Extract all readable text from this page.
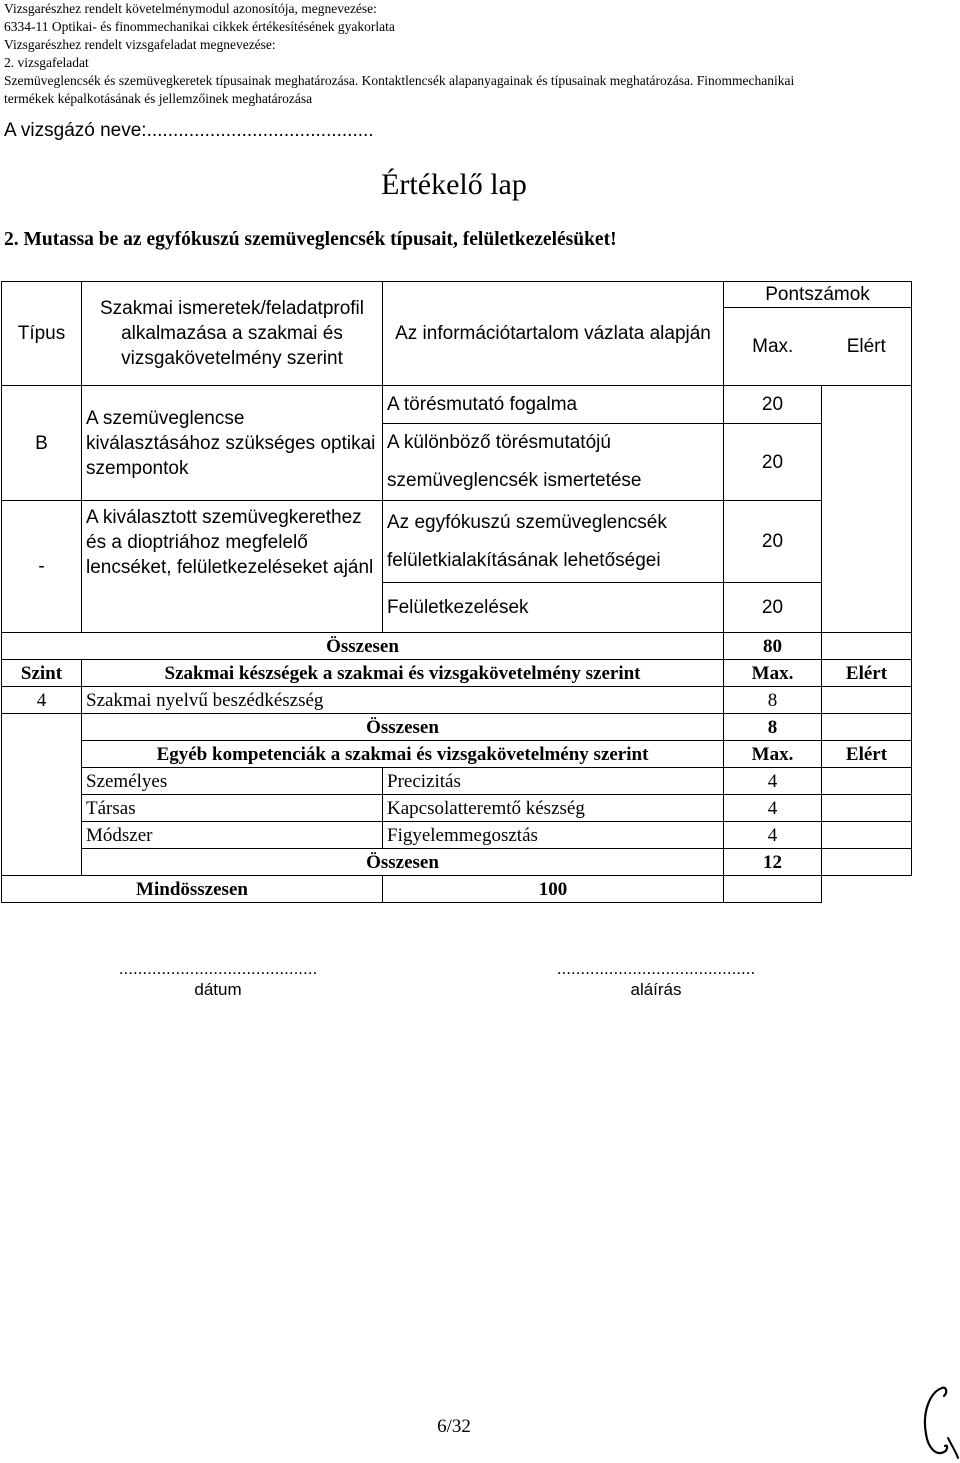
Vizsgarészhez rendelt követelménymodul azonosítója, megnevezése:
6334-11 Optikai- és finommechanikai cikkek értékesítésének gyakorlata
Vizsgarészhez rendelt vizsgafeladat megnevezése:
2. vizsgafeladat
Szemüveglencsék és szemüvegkeretek típusainak meghatározása. Kontaktlencsék alapanyagainak és típusainak meghatározása. Finommechanikai
termékek képalkotásának és jellemzőinek meghatározása
A vizsgázó neve:...........................................
Értékelő lap
2. Mutassa be az egyfókuszú szemüveglencsék típusait, felületkezelésüket!
Típus	Szakmai ismeretek/feladatprofil alkalmazása a szakmai és vizsgakövetelmény szerint	Az információtartalom vázlata alapján	Pontszámok	
			Max.	Elért
B	A szemüveglencse kiválasztásához szükséges optikai szempontok	A törésmutató fogalma	20	
		A különböző törésmutatójú szemüveglencsék ismertetése	20	
-	A kiválasztott szemüvegkerethez és a dioptriához megfelelő lencséket, felületkezeléseket ajánl	Az egyfókuszú szemüveglencsék felületkialakításának lehetőségei	20	
		Felületkezelések	20	
Összesen			80	
Szint	Szakmai készségek a szakmai és vizsgakövetelmény szerint		Max.	Elért
4	Szakmai nyelvű beszédkészség		8	
	Összesen		8	
	Egyéb kompetenciák a szakmai és vizsgakövetelmény szerint		Max.	Elért
	Személyes	Precizitás	4	
	Társas	Kapcsolatteremtő készség	4	
	Módszer	Figyelemmegosztás	4	
	Összesen		12	
Mindösszesen		100		
..........................................
dátum
..........................................
aláírás
6/32
